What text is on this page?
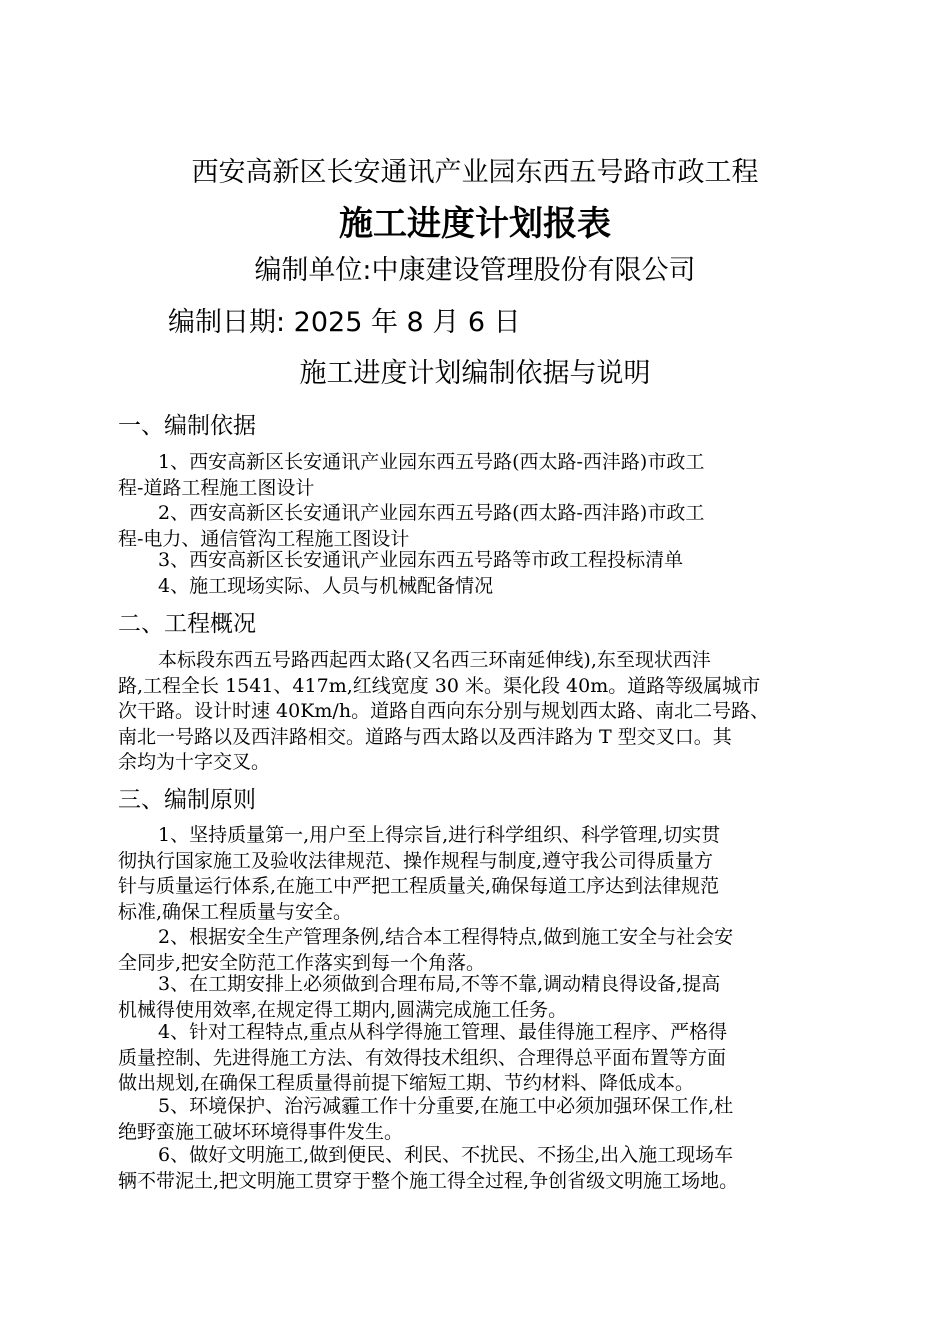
西安高新区长安通讯产业园东西五号路市政工程
施工进度计划报表
编制单位:中康建设管理股份有限公司
编制日期: 2025 年 8 月 6 日
施工进度计划编制依据与说明
一、编制依据
1、西安高新区长安通讯产业园东西五号路(西太路-西沣路)市政工
程-道路工程施工图设计
2、西安高新区长安通讯产业园东西五号路(西太路-西沣路)市政工
程-电力、通信管沟工程施工图设计
3、西安高新区长安通讯产业园东西五号路等市政工程投标清单
4、施工现场实际、人员与机械配备情况
二、工程概况
本标段东西五号路西起西太路(又名西三环南延伸线),东至现状西沣
路,工程全长 1541、417m,红线宽度 30 米。渠化段 40m。道路等级属城市
次干路。设计时速 40Km/h。道路自西向东分别与规划西太路、南北二号路、
南北一号路以及西沣路相交。道路与西太路以及西沣路为 T 型交叉口。其
余均为十字交叉。
三、编制原则
1、坚持质量第一,用户至上得宗旨,进行科学组织、科学管理,切实贯
彻执行国家施工及验收法律规范、操作规程与制度,遵守我公司得质量方
针与质量运行体系,在施工中严把工程质量关,确保每道工序达到法律规范
标准,确保工程质量与安全。
2、根据安全生产管理条例,结合本工程得特点,做到施工安全与社会安
全同步,把安全防范工作落实到每一个角落。
3、在工期安排上必须做到合理布局,不等不靠,调动精良得设备,提高
机械得使用效率,在规定得工期内,圆满完成施工任务。
4、针对工程特点,重点从科学得施工管理、最佳得施工程序、严格得
质量控制、先进得施工方法、有效得技术组织、合理得总平面布置等方面
做出规划,在确保工程质量得前提下缩短工期、节约材料、降低成本。
5、环境保护、治污减霾工作十分重要,在施工中必须加强环保工作,杜
绝野蛮施工破坏环境得事件发生。
6、做好文明施工,做到便民、利民、不扰民、不扬尘,出入施工现场车
辆不带泥土,把文明施工贯穿于整个施工得全过程,争创省级文明施工场地。
